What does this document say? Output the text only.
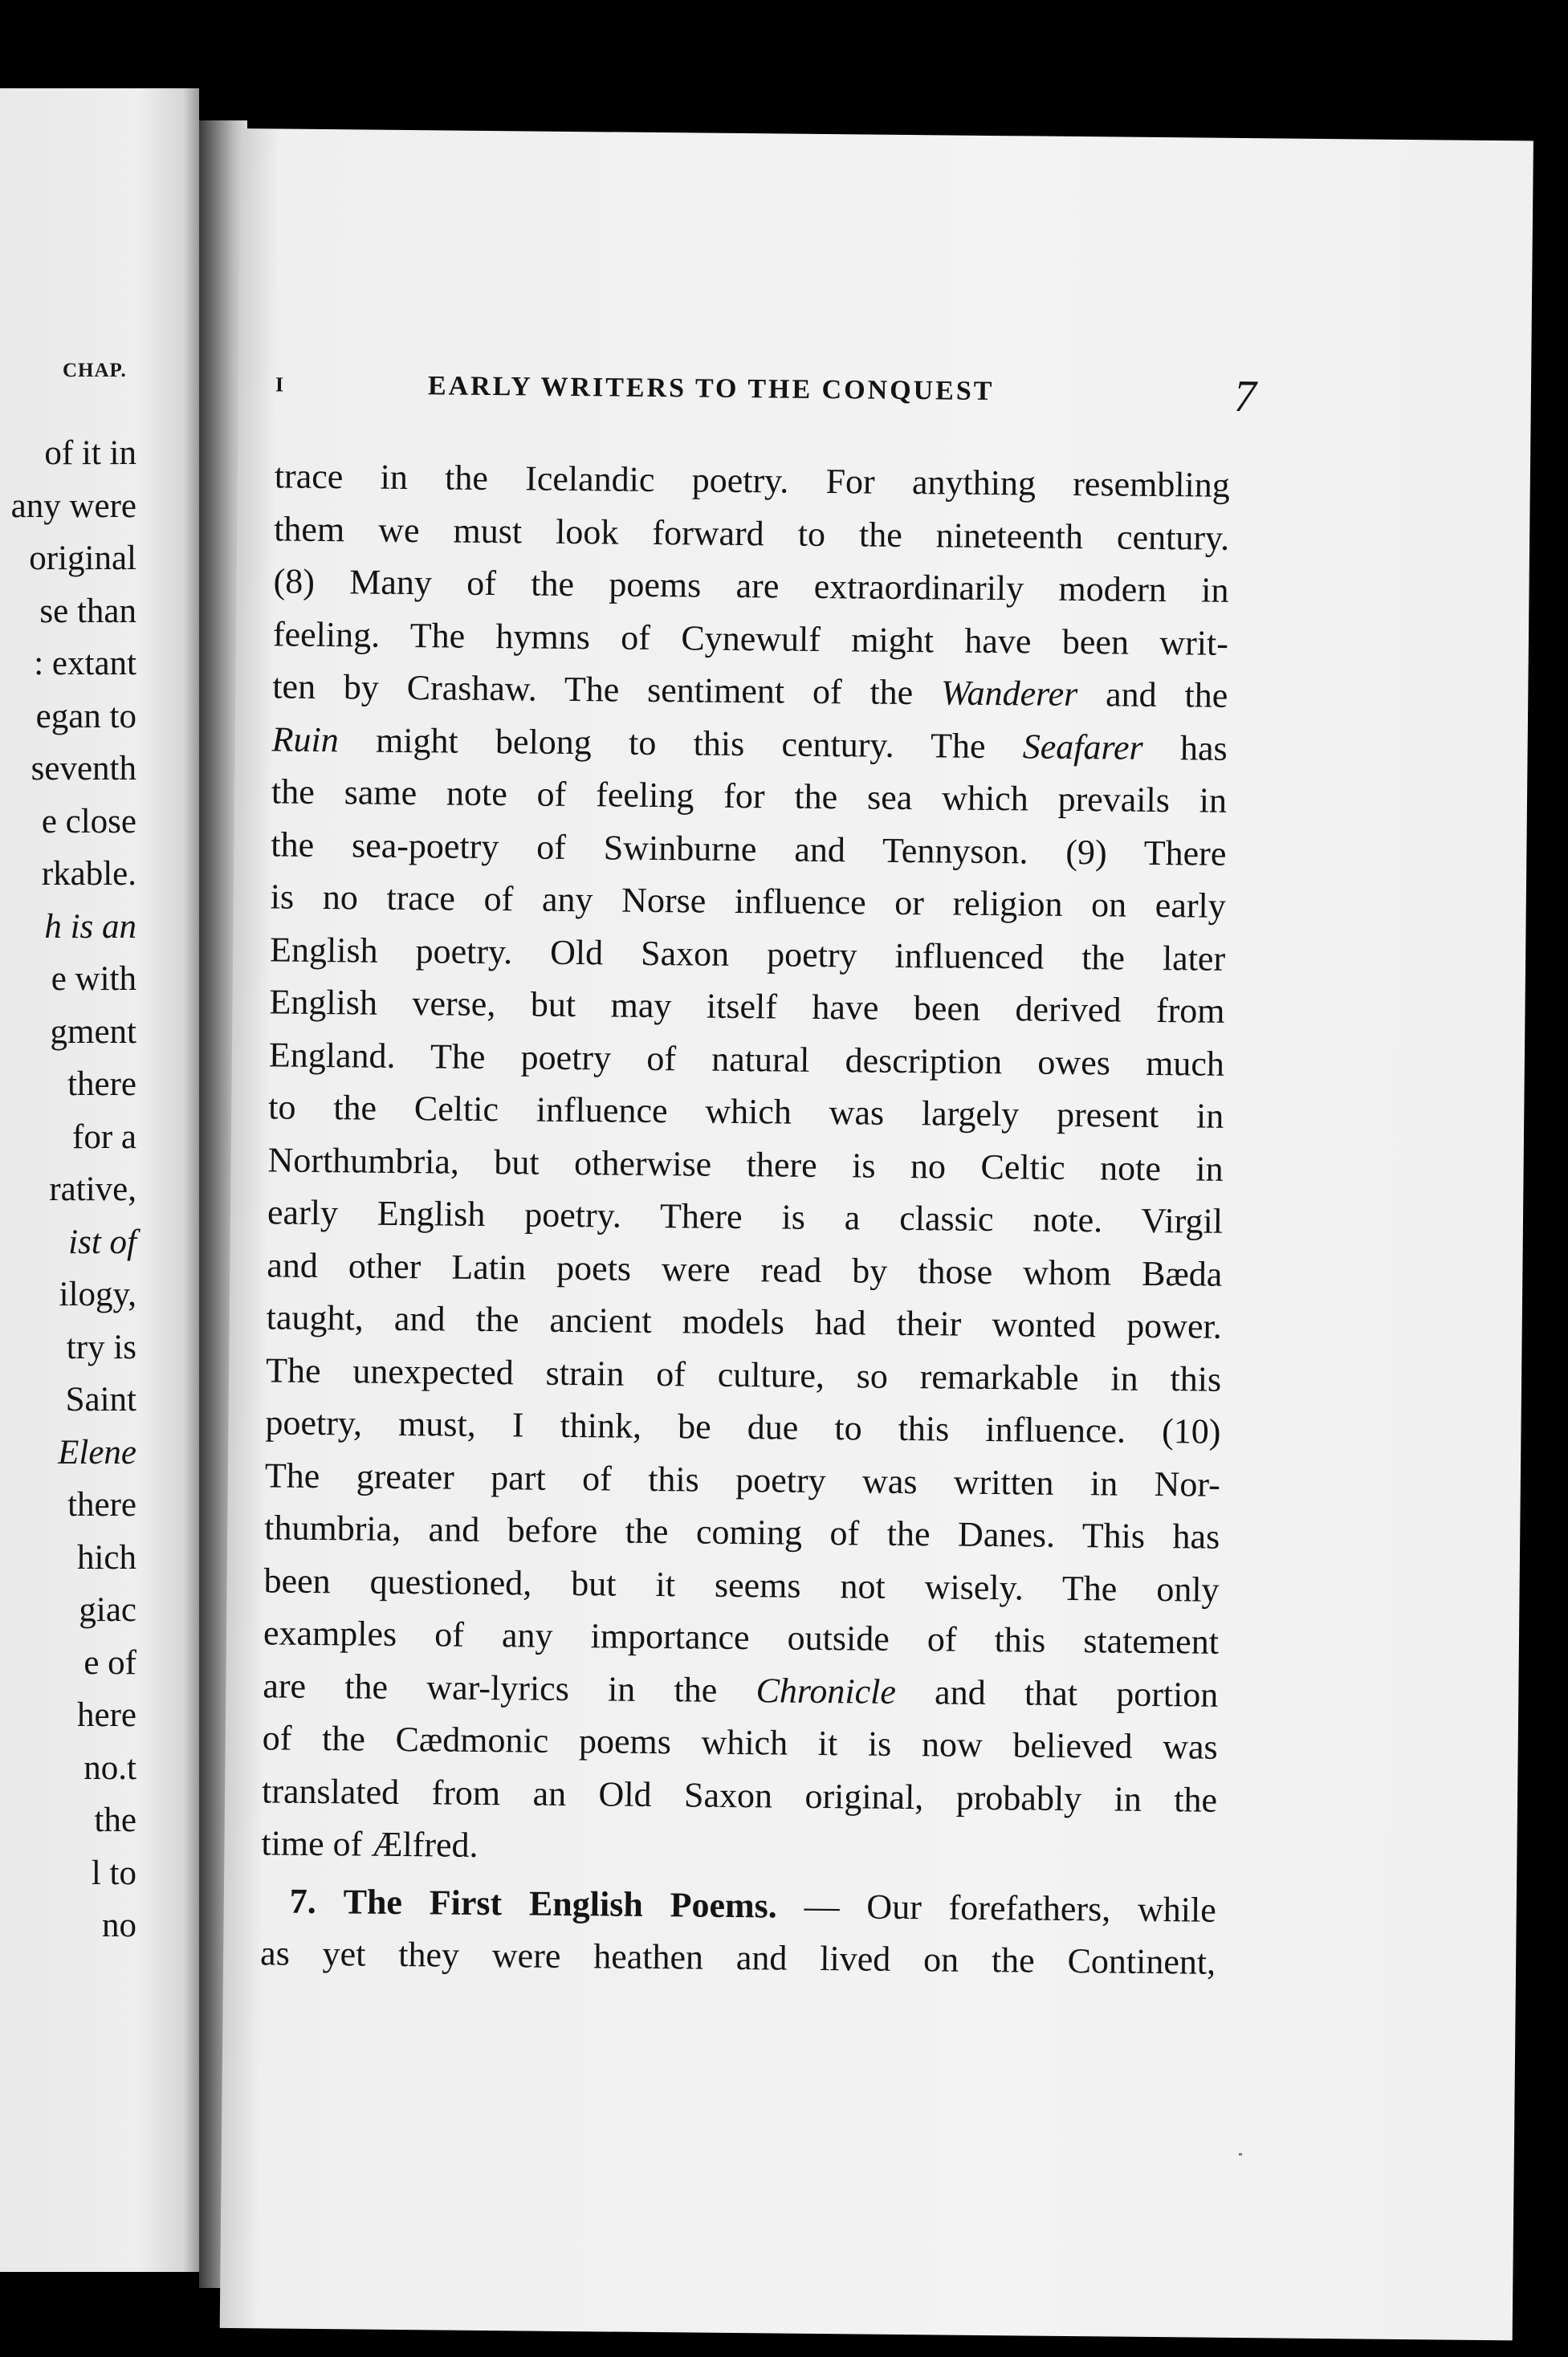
CHAP.
of it in
any were
original
se than
: extant
egan to
seventh
e close
rkable.
h is an
e with
gment
there
for a
rative,
ist of
ilogy,
try is
Saint
Elene
there
hich
giac
e of
here
no.t
the
l to
no
I	EARLY WRITERS TO THE CONQUEST	7
trace in the Icelandic poetry. For anything resembling
them we must look forward to the nineteenth century.
(8) Many of the poems are extraordinarily modern in
feeling. The hymns of Cynewulf might have been writ-
ten by Crashaw. The sentiment of the Wanderer and the
Ruin might belong to this century. The Seafarer has
the same note of feeling for the sea which prevails in
the sea-poetry of Swinburne and Tennyson. (9) There
is no trace of any Norse influence or religion on early
English poetry. Old Saxon poetry influenced the later
English verse, but may itself have been derived from
England. The poetry of natural description owes much
to the Celtic influence which was largely present in
Northumbria, but otherwise there is no Celtic note in
early English poetry. There is a classic note. Virgil
and other Latin poets were read by those whom Bæda
taught, and the ancient models had their wonted power.
The unexpected strain of culture, so remarkable in this
poetry, must, I think, be due to this influence. (10)
The greater part of this poetry was written in Nor-
thumbria, and before the coming of the Danes. This has
been questioned, but it seems not wisely. The only
examples of any importance outside of this statement
are the war-lyrics in the Chronicle and that portion
of the Cædmonic poems which it is now believed was
translated from an Old Saxon original, probably in the
time of Ælfred.
7. The First English Poems. — Our forefathers, while
as yet they were heathen and lived on the Continent,
